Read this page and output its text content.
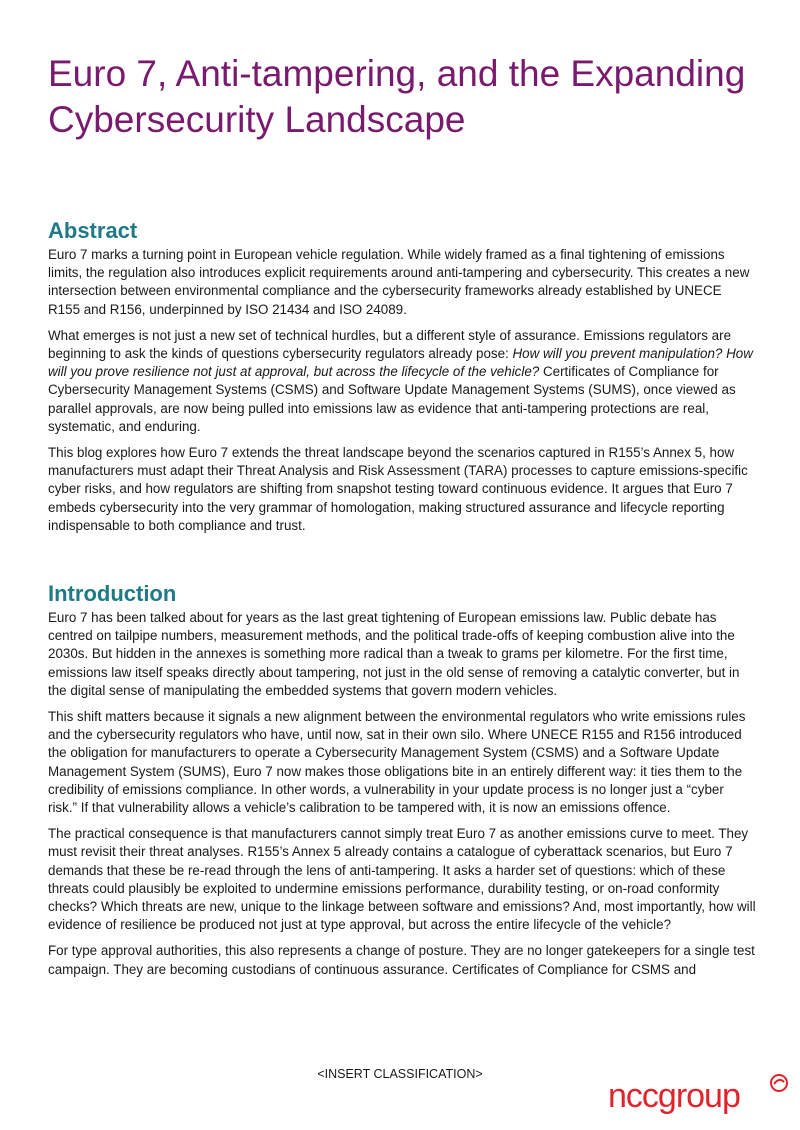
Euro 7, Anti-tampering, and the Expanding Cybersecurity Landscape
Abstract

Euro 7 marks a turning point in European vehicle regulation. While widely framed as a final tightening of emissions limits, the regulation also introduces explicit requirements around anti-tampering and cybersecurity. This creates a new intersection between environmental compliance and the cybersecurity frameworks already established by UNECE R155 and R156, underpinned by ISO 21434 and ISO 24089.

What emerges is not just a new set of technical hurdles, but a different style of assurance. Emissions regulators are beginning to ask the kinds of questions cybersecurity regulators already pose: How will you prevent manipulation? How will you prove resilience not just at approval, but across the lifecycle of the vehicle? Certificates of Compliance for Cybersecurity Management Systems (CSMS) and Software Update Management Systems (SUMS), once viewed as parallel approvals, are now being pulled into emissions law as evidence that anti-tampering protections are real, systematic, and enduring.

This blog explores how Euro 7 extends the threat landscape beyond the scenarios captured in R155’s Annex 5, how manufacturers must adapt their Threat Analysis and Risk Assessment (TARA) processes to capture emissions-specific cyber risks, and how regulators are shifting from snapshot testing toward continuous evidence. It argues that Euro 7 embeds cybersecurity into the very grammar of homologation, making structured assurance and lifecycle reporting indispensable to both compliance and trust.

Introduction

Euro 7 has been talked about for years as the last great tightening of European emissions law. Public debate has centred on tailpipe numbers, measurement methods, and the political trade-offs of keeping combustion alive into the 2030s. But hidden in the annexes is something more radical than a tweak to grams per kilometre. For the first time, emissions law itself speaks directly about tampering, not just in the old sense of removing a catalytic converter, but in the digital sense of manipulating the embedded systems that govern modern vehicles.

This shift matters because it signals a new alignment between the environmental regulators who write emissions rules and the cybersecurity regulators who have, until now, sat in their own silo. Where UNECE R155 and R156 introduced the obligation for manufacturers to operate a Cybersecurity Management System (CSMS) and a Software Update Management System (SUMS), Euro 7 now makes those obligations bite in an entirely different way: it ties them to the credibility of emissions compliance. In other words, a vulnerability in your update process is no longer just a “cyber risk.” If that vulnerability allows a vehicle’s calibration to be tampered with, it is now an emissions offence.

The practical consequence is that manufacturers cannot simply treat Euro 7 as another emissions curve to meet. They must revisit their threat analyses. R155’s Annex 5 already contains a catalogue of cyberattack scenarios, but Euro 7 demands that these be re-read through the lens of anti-tampering. It asks a harder set of questions: which of these threats could plausibly be exploited to undermine emissions performance, durability testing, or on-road conformity checks? Which threats are new, unique to the linkage between software and emissions? And, most importantly, how will evidence of resilience be produced not just at type approval, but across the entire lifecycle of the vehicle?

For type approval authorities, this also represents a change of posture. They are no longer gatekeepers for a single test campaign. They are becoming custodians of continuous assurance. Certificates of Compliance for CSMS and

<INSERT CLASSIFICATION>
nccgroup
